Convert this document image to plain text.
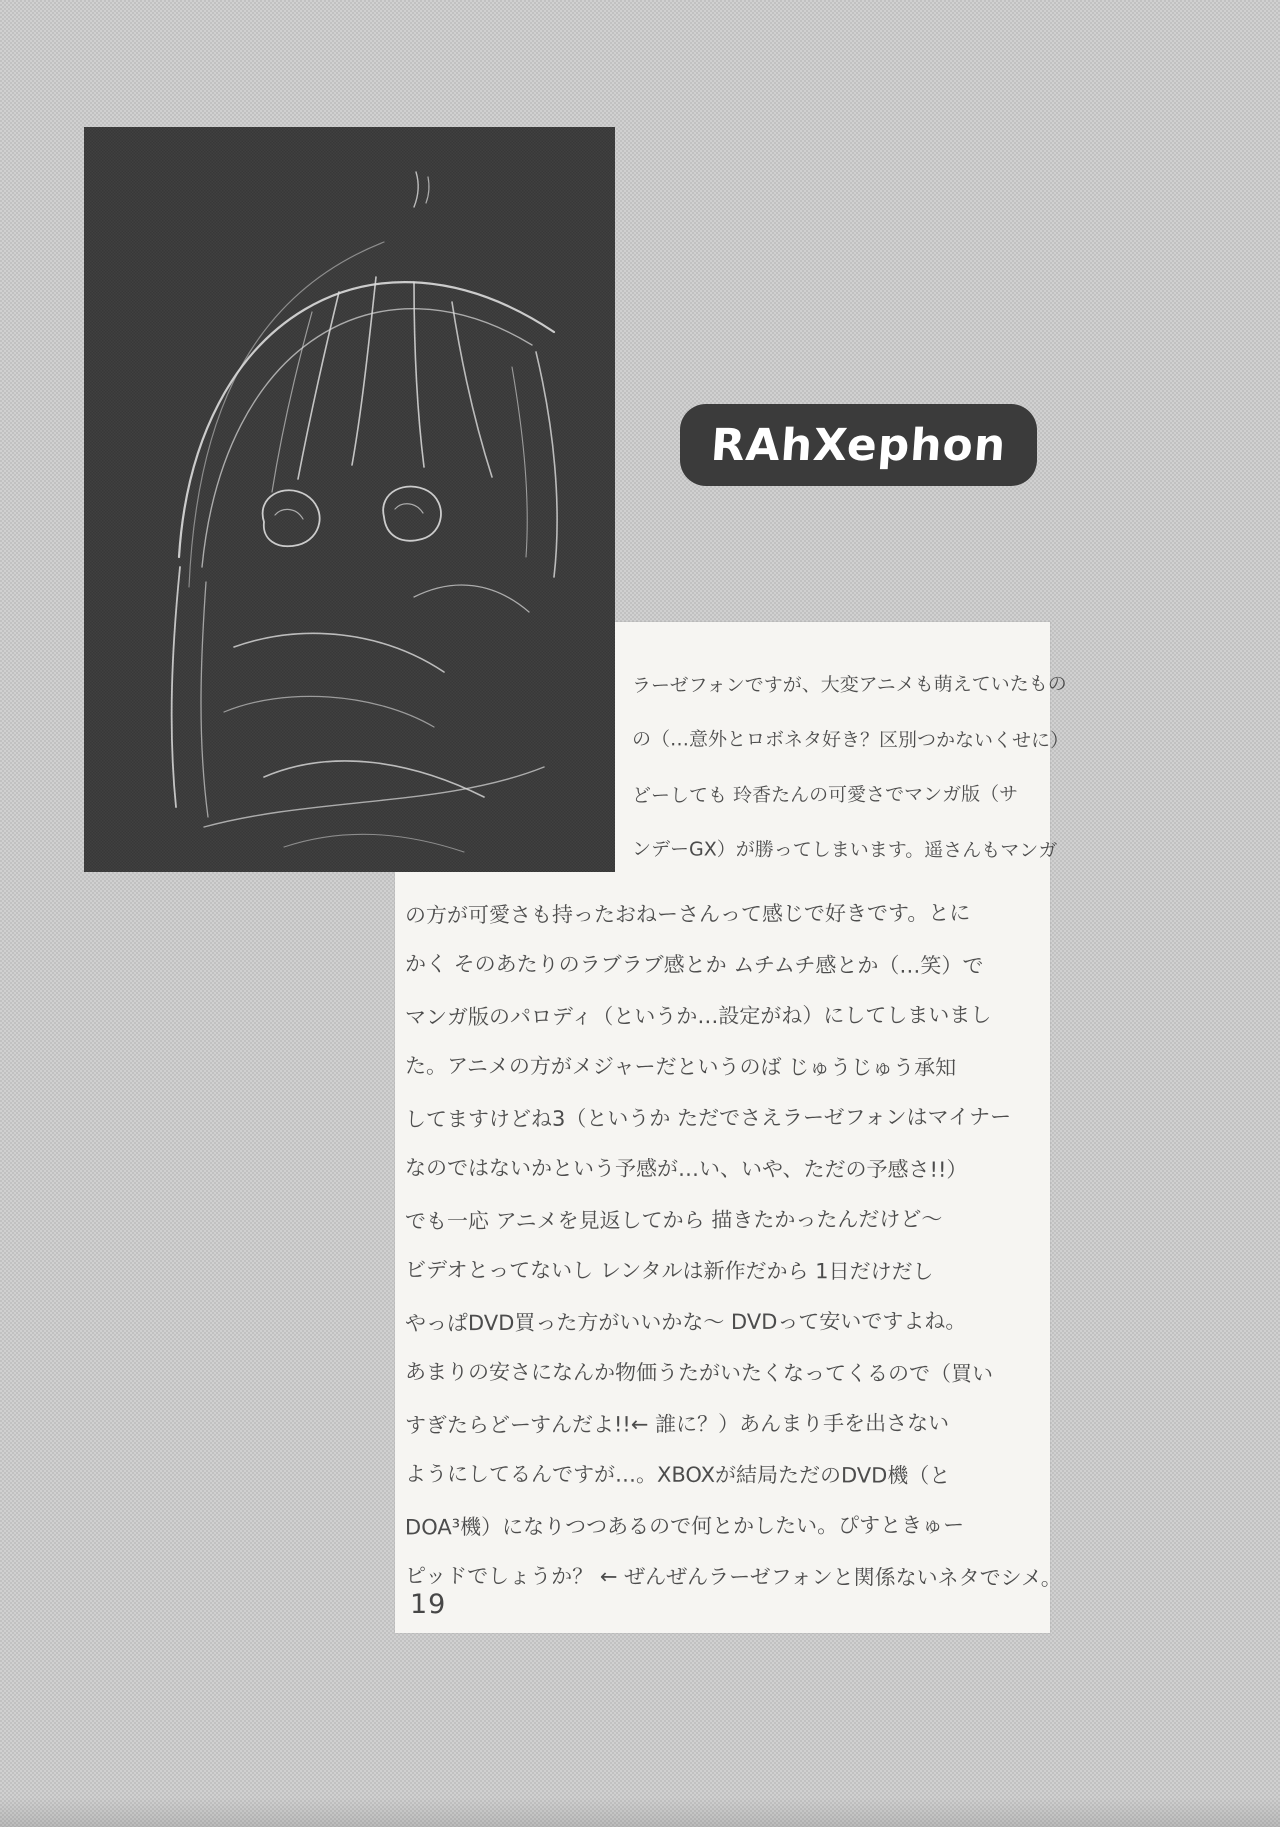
RAhXephon
ラーゼフォンですが、大変アニメも萌えていたもの
の（…意外とロボネタ好き？区別つかないくせに）
どーしても 玲香たんの可愛さでマンガ版（サ
ンデーGX）が勝ってしまいます。遥さんもマンガ
の方が可愛さも持ったおねーさんって感じで好きです。とに
かく そのあたりのラブラブ感とか ムチムチ感とか（…笑）で
マンガ版のパロディ（というか…設定がね）にしてしまいまし
た。アニメの方がメジャーだというのば じゅうじゅう承知
してますけどね3（というか ただでさえラーゼフォンはマイナー
なのではないかという予感が…い、いや、ただの予感さ!!）
でも一応 アニメを見返してから 描きたかったんだけど～
ビデオとってないし レンタルは新作だから 1日だけだし
やっぱDVD買った方がいいかな～ DVDって安いですよね。
あまりの安さになんか物価うたがいたくなってくるので（買い
すぎたらどーすんだよ!!← 誰に？）あんまり手を出さない
ようにしてるんですが…。XBOXが結局ただのDVD機（と
DOA³機）になりつつあるので何とかしたい。ぴすときゅー
ピッドでしょうか？ ← ぜんぜんラーゼフォンと関係ないネタでシメ。
19
